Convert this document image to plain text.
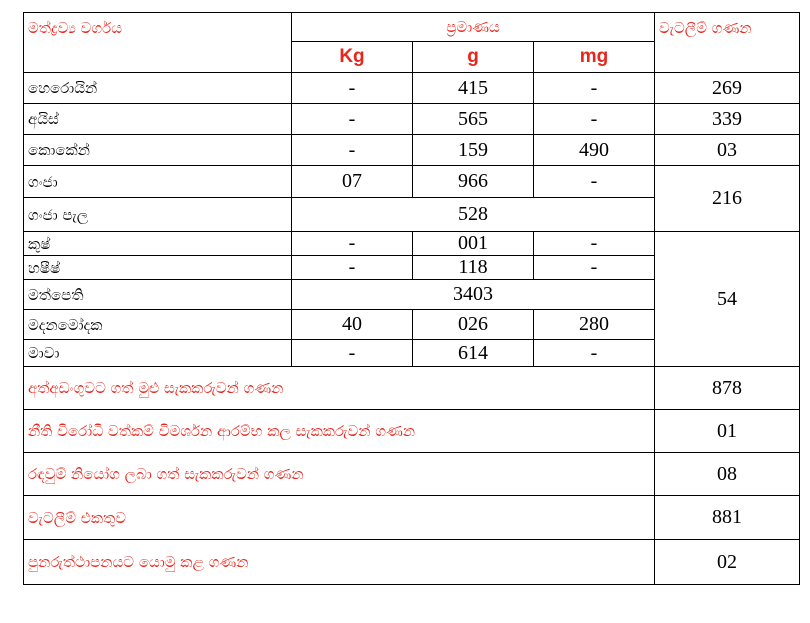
මත්ද්‍රව්‍ය වර්ගය	ප්‍රමාණය			වැටලීම් ගණන
	Kg	g	mg	
හෙරොයින්	-	415	-	269
අයිස්	-	565	-	339
කොකේන්	-	159	490	03
ගංජා	07	966	-	216
ගංජා පැල	528			
කුෂ්	-	001	-	54
හෂීෂ්	-	118	-	
මත්පෙති	3403			
මදනමෝදක	40	026	280	
මාවා	-	614	-	
අත්අඩංගුවට ගත් මුළු සැකකරුවන් ගණන				878
නීති විරෝධී වත්කම් විමර්ශන ආරම්භ කල සැකකරුවන් ගණන				01
රඳවුම් නියෝග ලබා ගත් සැකකරුවන් ගණන				08
වැටලීම් එකතුව				881
පුනරුත්ථාපනයට යොමු කළ ගණන				02
